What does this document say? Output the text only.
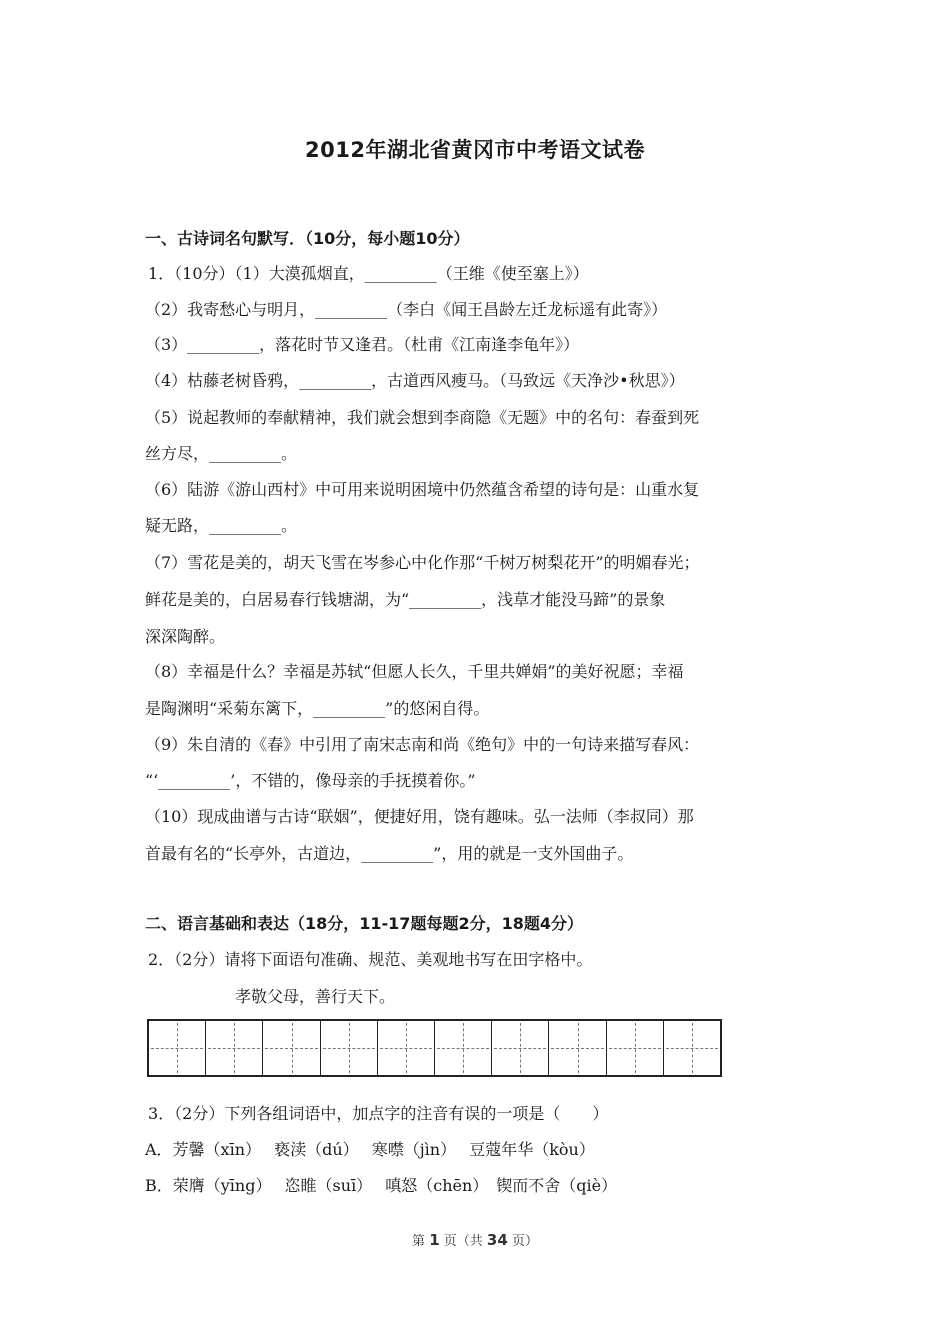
2012年湖北省黄冈市中考语文试卷
一、古诗词名句默写．（10分，每小题10分）
1．（10分）（1）大漠孤烟直，_________（王维《使至塞上》）
（2）我寄愁心与明月，_________（李白《闻王昌龄左迁龙标遥有此寄》）
（3）_________，落花时节又逢君。（杜甫《江南逢李龟年》）
（4）枯藤老树昏鸦，_________，古道西风瘦马。（马致远《天净沙•秋思》）
（5）说起教师的奉献精神，我们就会想到李商隐《无题》中的名句：春蚕到死
丝方尽，_________。
（6）陆游《游山西村》中可用来说明困境中仍然蕴含希望的诗句是：山重水复
疑无路，_________。
（7）雪花是美的，胡天飞雪在岑参心中化作那“千树万树梨花开”的明媚春光；
鲜花是美的，白居易春行钱塘湖，为“_________，浅草才能没马蹄”的景象
深深陶醉。
（8）幸福是什么？幸福是苏轼“但愿人长久，千里共婵娟”的美好祝愿；幸福
是陶渊明“采菊东篱下，_________”的悠闲自得。
（9）朱自清的《春》中引用了南宋志南和尚《绝句》中的一句诗来描写春风：
“‘_________’，不错的，像母亲的手抚摸着你。”
（10）现成曲谱与古诗“联姻”，便捷好用，饶有趣味。弘一法师（李叔同）那
首最有名的“长亭外，古道边，_________”，用的就是一支外国曲子。
二、语言基础和表达（18分，11-17题每题2分，18题4分）
2．（2分）请将下面语句准确、规范、美观地书写在田字格中。
孝敬父母，善行天下。
3．（2分）下列各组词语中，加点字的注音有误的一项是（　　）
A．芳馨（xīn）　 亵渎（dú）　 寒噤（jìn）　 豆蔻年华（kòu）
B．荣膺（yīng）　 恣睢（suī）　 嗔怒（chēn）　锲而不舍（qiè）
第 1 页（共 34 页）
